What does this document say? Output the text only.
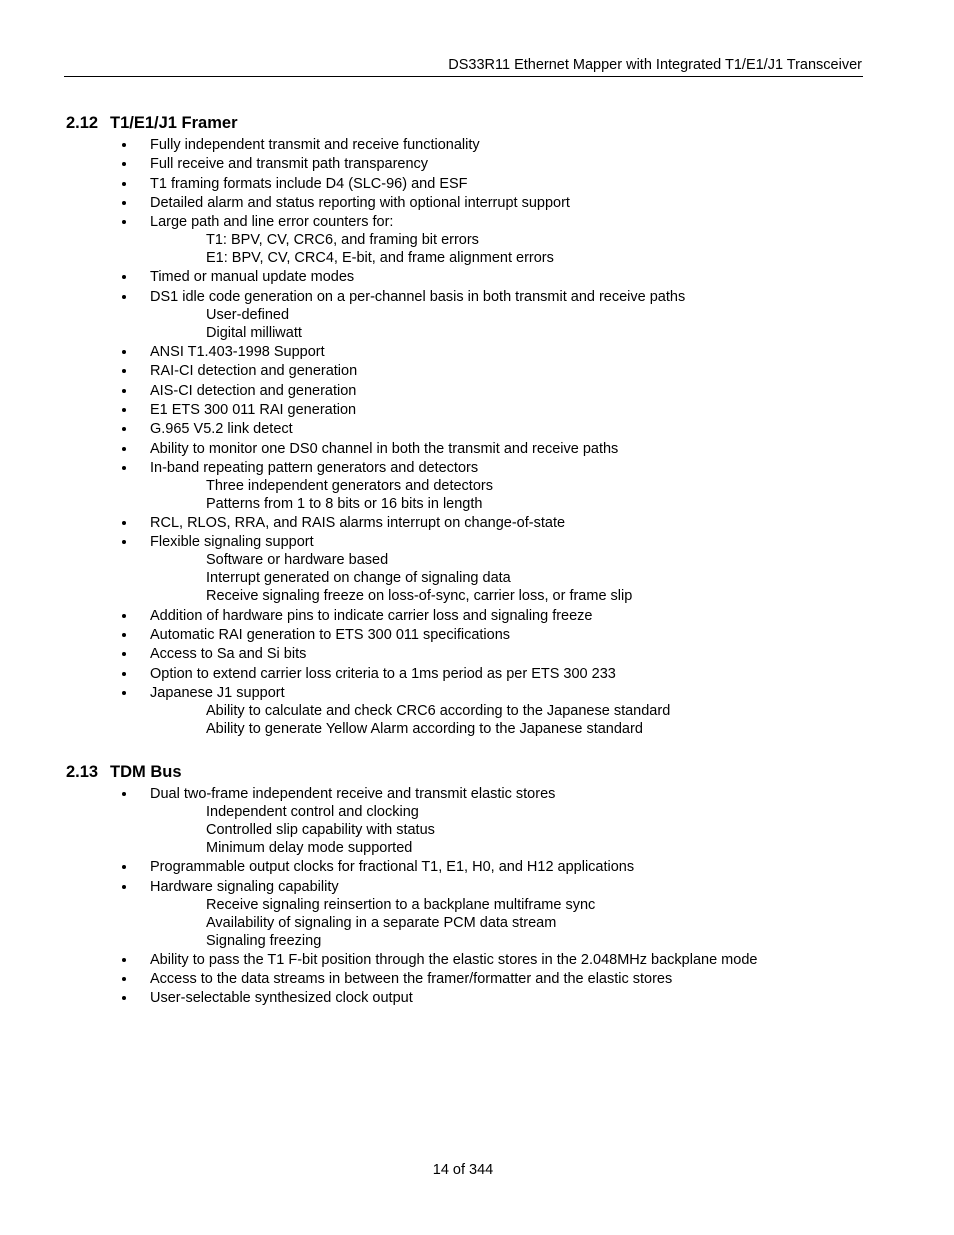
DS33R11 Ethernet Mapper with Integrated T1/E1/J1 Transceiver
2.12 T1/E1/J1 Framer
Fully independent transmit and receive functionality
Full receive and transmit path transparency
T1 framing formats include D4 (SLC-96) and ESF
Detailed alarm and status reporting with optional interrupt support
Large path and line error counters for:
T1: BPV, CV, CRC6, and framing bit errors
E1: BPV, CV, CRC4, E-bit, and frame alignment errors
Timed or manual update modes
DS1 idle code generation on a per-channel basis in both transmit and receive paths
User-defined
Digital milliwatt
ANSI T1.403-1998 Support
RAI-CI detection and generation
AIS-CI detection and generation
E1 ETS 300 011 RAI generation
G.965 V5.2 link detect
Ability to monitor one DS0 channel in both the transmit and receive paths
In-band repeating pattern generators and detectors
Three independent generators and detectors
Patterns from 1 to 8 bits or 16 bits in length
RCL, RLOS, RRA, and RAIS alarms interrupt on change-of-state
Flexible signaling support
Software or hardware based
Interrupt generated on change of signaling data
Receive signaling freeze on loss-of-sync, carrier loss, or frame slip
Addition of hardware pins to indicate carrier loss and signaling freeze
Automatic RAI generation to ETS 300 011 specifications
Access to Sa and Si bits
Option to extend carrier loss criteria to a 1ms period as per ETS 300 233
Japanese J1 support
Ability to calculate and check CRC6 according to the Japanese standard
Ability to generate Yellow Alarm according to the Japanese standard
2.13 TDM Bus
Dual two-frame independent receive and transmit elastic stores
Independent control and clocking
Controlled slip capability with status
Minimum delay mode supported
Programmable output clocks for fractional T1, E1, H0, and H12 applications
Hardware signaling capability
Receive signaling reinsertion to a backplane multiframe sync
Availability of signaling in a separate PCM data stream
Signaling freezing
Ability to pass the T1 F-bit position through the elastic stores in the 2.048MHz backplane mode
Access to the data streams in between the framer/formatter and the elastic stores
User-selectable synthesized clock output
14 of 344
